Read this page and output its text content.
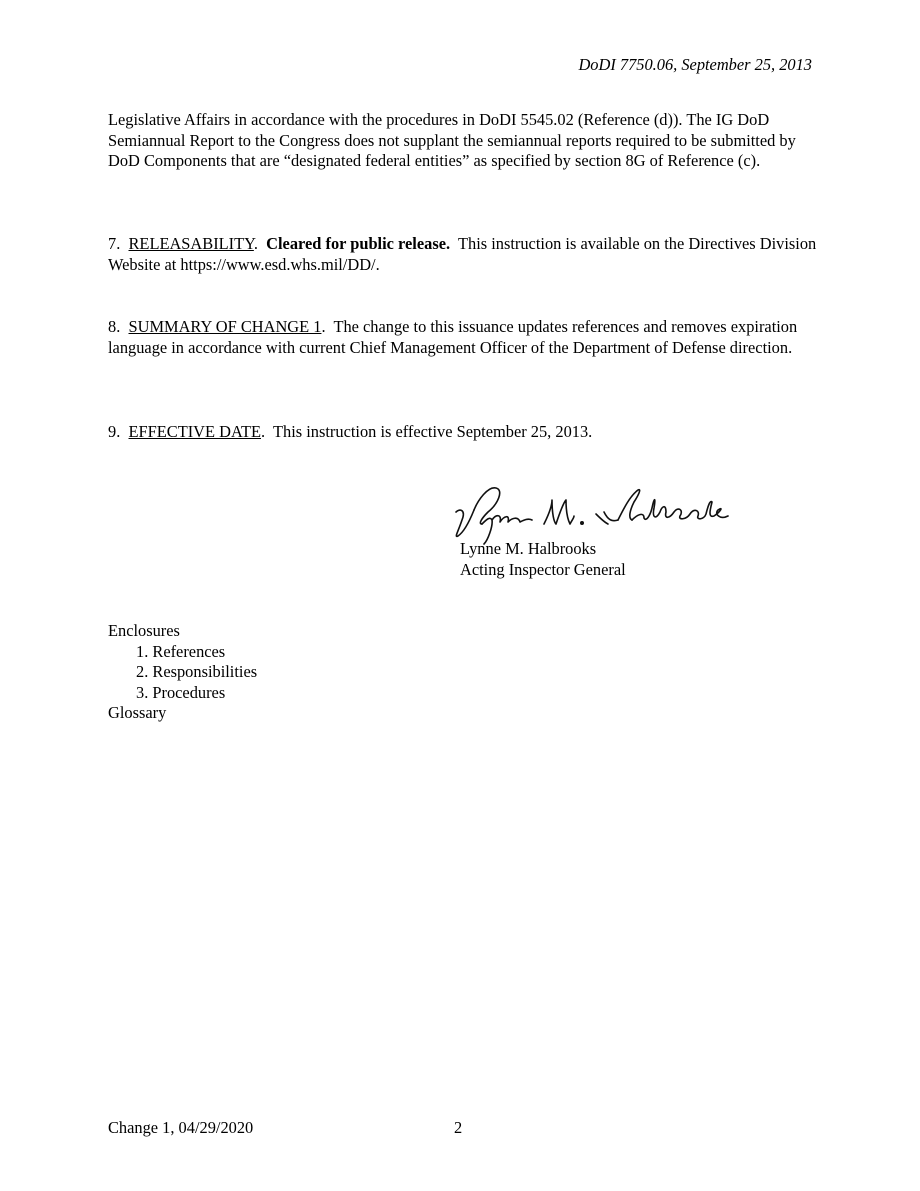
DoDI 7750.06, September 25, 2013
Legislative Affairs in accordance with the procedures in DoDI 5545.02 (Reference (d)). The IG DoD Semiannual Report to the Congress does not supplant the semiannual reports required to be submitted by DoD Components that are “designated federal entities” as specified by section 8G of Reference (c).
7. RELEASABILITY.  Cleared for public release. This instruction is available on the Directives Division Website at https://www.esd.whs.mil/DD/.
8. SUMMARY OF CHANGE 1.  The change to this issuance updates references and removes expiration language in accordance with current Chief Management Officer of the Department of Defense direction.
9. EFFECTIVE DATE.  This instruction is effective September 25, 2013.
Lynne M. Halbrooks
Acting Inspector General
Enclosures
1. References
2. Responsibilities
3. Procedures
Glossary
Change 1, 04/29/2020	2
